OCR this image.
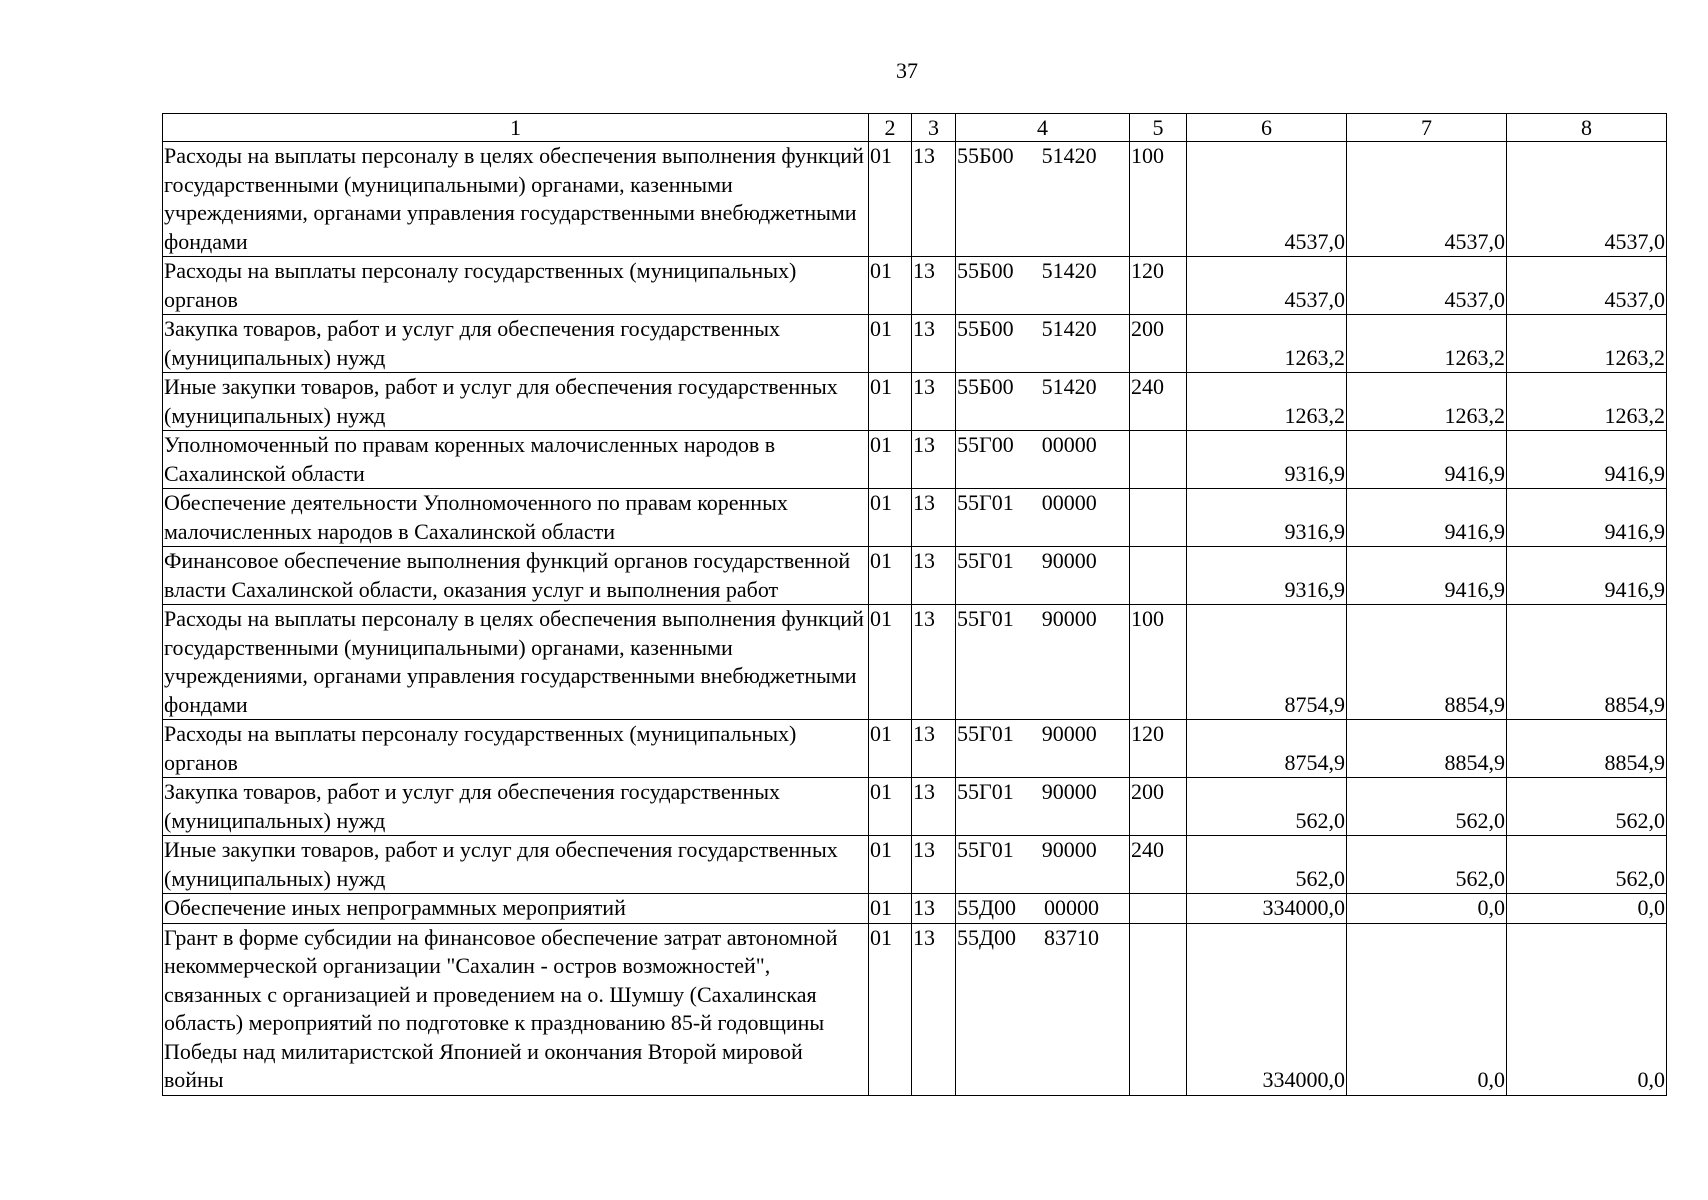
37
1	2	3	4	5	6	7	8
Расходы на выплаты персоналу в целях обеспечения выполнения функций государственными (муниципальными) органами, казенными учреждениями, органами управления государственными внебюджетными фондами	01	13	55Б00 51420	100	4537,0	4537,0	4537,0
Расходы на выплаты персоналу государственных (муниципальных) органов	01	13	55Б00 51420	120	4537,0	4537,0	4537,0
Закупка товаров, работ и услуг для обеспечения государственных (муниципальных) нужд	01	13	55Б00 51420	200	1263,2	1263,2	1263,2
Иные закупки товаров, работ и услуг для обеспечения государственных (муниципальных) нужд	01	13	55Б00 51420	240	1263,2	1263,2	1263,2
Уполномоченный по правам коренных малочисленных народов в Сахалинской области	01	13	55Г00 00000		9316,9	9416,9	9416,9
Обеспечение деятельности Уполномоченного по правам коренных малочисленных народов в Сахалинской области	01	13	55Г01 00000		9316,9	9416,9	9416,9
Финансовое обеспечение выполнения функций органов государственной власти Сахалинской области, оказания услуг и выполнения работ	01	13	55Г01 90000		9316,9	9416,9	9416,9
Расходы на выплаты персоналу в целях обеспечения выполнения функций государственными (муниципальными) органами, казенными учреждениями, органами управления государственными внебюджетными фондами	01	13	55Г01 90000	100	8754,9	8854,9	8854,9
Расходы на выплаты персоналу государственных (муниципальных) органов	01	13	55Г01 90000	120	8754,9	8854,9	8854,9
Закупка товаров, работ и услуг для обеспечения государственных (муниципальных) нужд	01	13	55Г01 90000	200	562,0	562,0	562,0
Иные закупки товаров, работ и услуг для обеспечения государственных (муниципальных) нужд	01	13	55Г01 90000	240	562,0	562,0	562,0
Обеспечение иных непрограммных мероприятий	01	13	55Д00 00000		334000,0	0,0	0,0
Грант в форме субсидии на финансовое обеспечение затрат автономной некоммерческой организации "Сахалин - остров возможностей", связанных с организацией и проведением на о. Шумшу (Сахалинская область) мероприятий по подготовке к празднованию 85-й годовщины Победы над милитаристской Японией и окончания Второй мировой войны	01	13	55Д00 83710		334000,0	0,0	0,0
